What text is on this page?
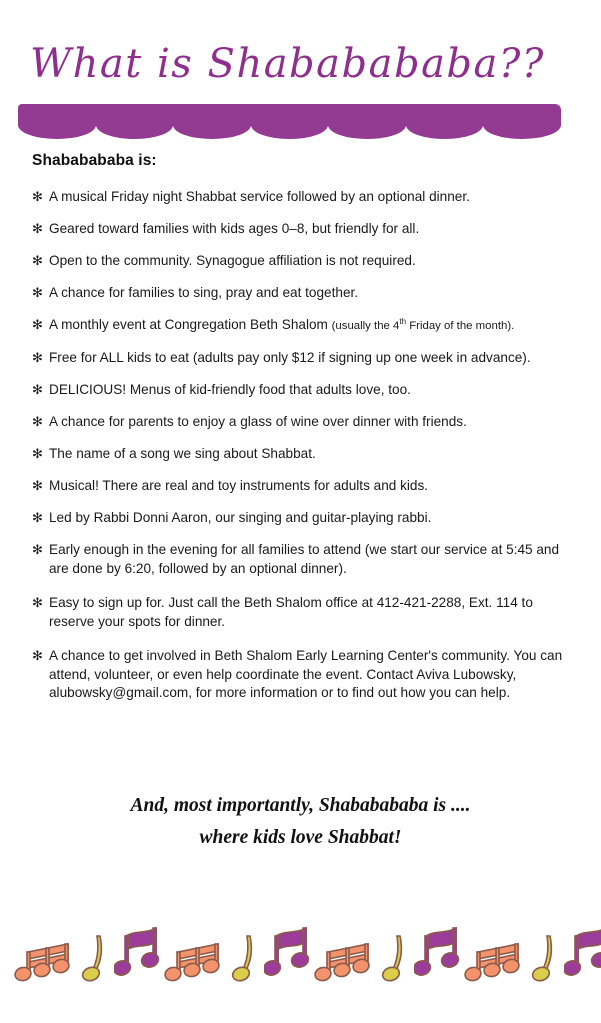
What is Shababababa??
Shababababa is:
✻ A musical Friday night Shabbat service followed by an optional dinner.
✻ Geared toward families with kids ages 0–8, but friendly for all.
✻ Open to the community. Synagogue affiliation is not required.
✻ A chance for families to sing, pray and eat together.
✻ A monthly event at Congregation Beth Shalom (usually the 4th Friday of the month).
✻ Free for ALL kids to eat (adults pay only $12 if signing up one week in advance).
✻ DELICIOUS! Menus of kid-friendly food that adults love, too.
✻ A chance for parents to enjoy a glass of wine over dinner with friends.
✻ The name of a song we sing about Shabbat.
✻ Musical! There are real and toy instruments for adults and kids.
✻ Led by Rabbi Donni Aaron, our singing and guitar-playing rabbi.
✻ Early enough in the evening for all families to attend (we start our service at 5:45 and are done by 6:20, followed by an optional dinner).
✻ Easy to sign up for. Just call the Beth Shalom office at 412-421-2288, Ext. 114 to reserve your spots for dinner.
✻ A chance to get involved in Beth Shalom Early Learning Center's community. You can attend, volunteer, or even help coordinate the event. Contact Aviva Lubowsky, alubowsky@gmail.com, for more information or to find out how you can help.
And, most importantly, Shababababa is ....
where kids love Shabbat!
